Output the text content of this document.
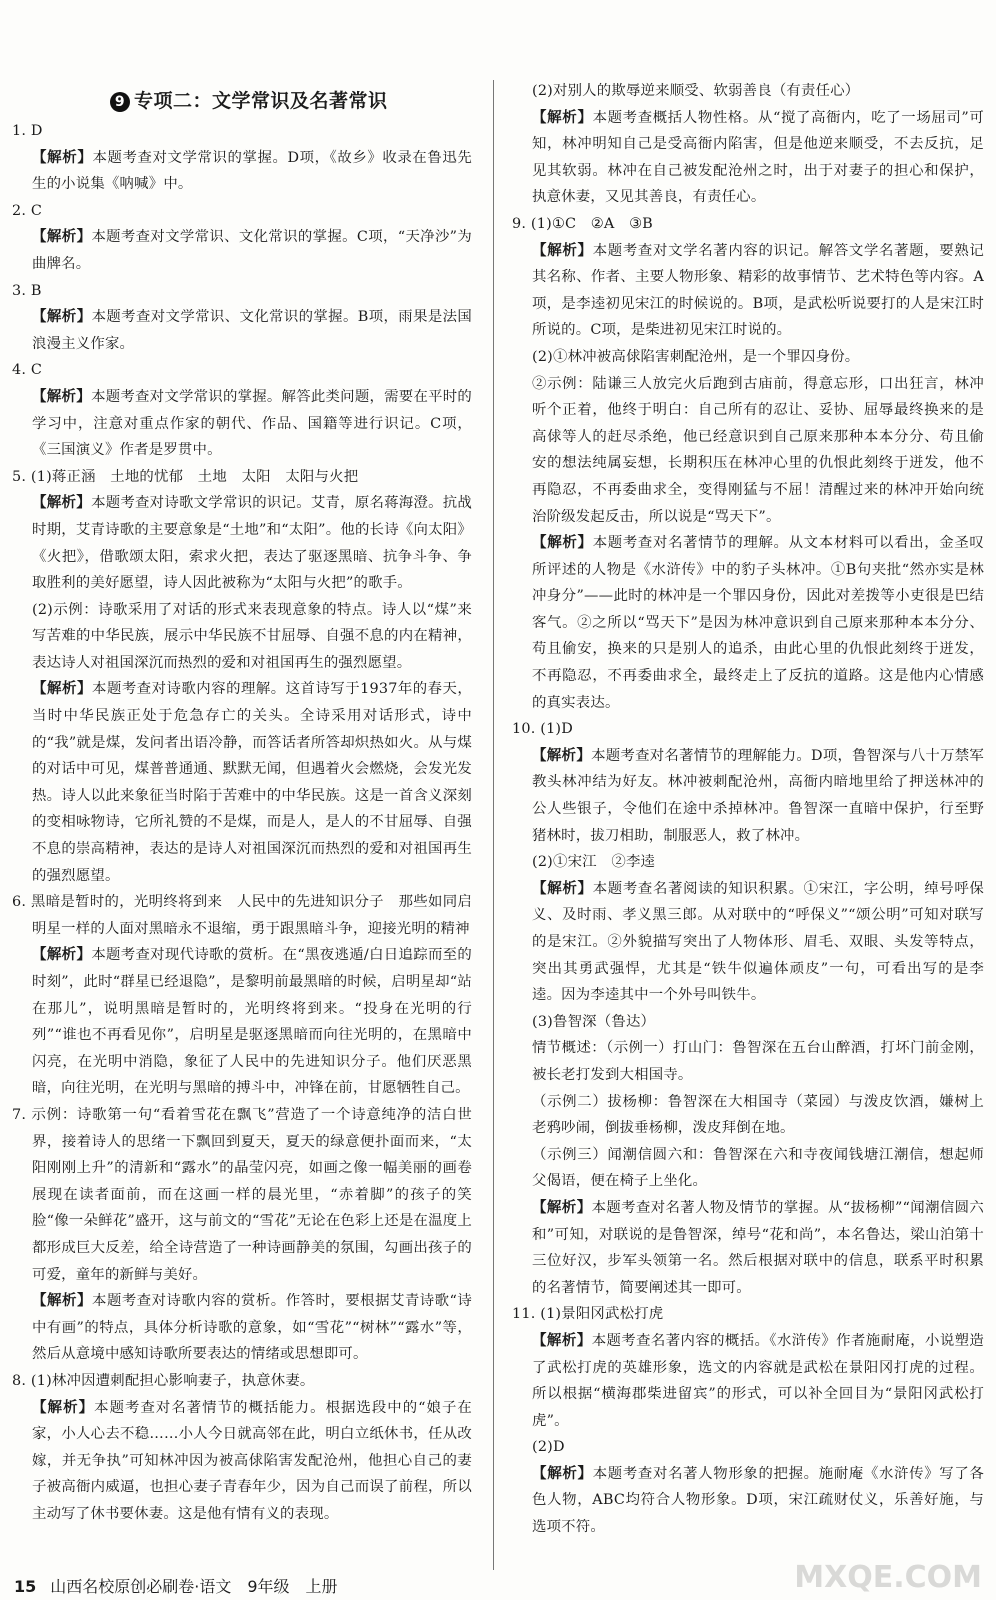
9 专项二：文学常识及名著常识

1. D

【 解析 】 本题考查对文学常识的掌握。D项，《故乡》收录在鲁迅先生的小说集《呐喊》中。

2. C

【 解析 】 本题考查对文学常识、文化常识的掌握。C项，“天净沙”为曲牌名。

3. B

【 解析 】 本题考查对文学常识、文化常识的掌握。B项，雨果是法国浪漫主义作家。

4. C

【 解析 】 本题考查对文学常识的掌握。解答此类问题，需要在平时的学习中，注意对重点作家的朝代、作品、国籍等进行识记。C项，《三国演义》作者是罗贯中。

5. (1)蒋正涵　土地的忧郁　土地　太阳　太阳与火把

【 解析 】 本题考查对诗歌文学常识的识记。艾青，原名蒋海澄。抗战时期，艾青诗歌的主要意象是“土地”和“太阳”。他的长诗《向太阳》《火把》，借歌颂太阳，索求火把，表达了驱逐黑暗、抗争斗争、争取胜利的美好愿望，诗人因此被称为“太阳与火把”的歌手。

(2)示例：诗歌采用了对话的形式来表现意象的特点。诗人以“煤”来写苦难的中华民族，展示中华民族不甘屈辱、自强不息的内在精神，表达诗人对祖国深沉而热烈的爱和对祖国再生的强烈愿望。

【 解析 】 本题考查对诗歌内容的理解。这首诗写于1937年的春天，当时中华民族正处于危急存亡的关头。全诗采用对话形式，诗中的“我”就是煤，发问者出语冷静，而答话者所答却炽热如火。从与煤的对话中可见，煤普普通通、默默无闻，但遇着火会燃烧，会发光发热。诗人以此来象征当时陷于苦难中的中华民族。这是一首含义深刻的变相咏物诗，它所礼赞的不是煤，而是人，是人的不甘屈辱、自强不息的崇高精神，表达的是诗人对祖国深沉而热烈的爱和对祖国再生的强烈愿望。

6. 黑暗是暂时的，光明终将到来　人民中的先进知识分子　那些如同启明星一样的人面对黑暗永不退缩，勇于跟黑暗斗争，迎接光明的精神

【 解析 】 本题考查对现代诗歌的赏析。在“黑夜逃遁/白日追踪而至的时刻”，此时“群星已经退隐”，是黎明前最黑暗的时候，启明星却“站在那儿”，说明黑暗是暂时的，光明终将到来。“投身在光明的行列”“谁也不再看见你”，启明星是驱逐黑暗而向往光明的，在黑暗中闪亮，在光明中消隐，象征了人民中的先进知识分子。他们厌恶黑暗，向往光明，在光明与黑暗的搏斗中，冲锋在前，甘愿牺牲自己。

7. 示例：诗歌第一句“看着雪花在飘飞”营造了一个诗意纯净的洁白世界，接着诗人的思绪一下飘回到夏天，夏天的绿意便扑面而来，“太阳刚刚上升”的清新和“露水”的晶莹闪亮，如画之像一幅美丽的画卷展现在读者面前，而在这画一样的晨光里，“赤着脚”的孩子的笑脸“像一朵鲜花”盛开，这与前文的“雪花”无论在色彩上还是在温度上都形成巨大反差，给全诗营造了一种诗画静美的氛围，勾画出孩子的可爱，童年的新鲜与美好。

【 解析 】 本题考查对诗歌内容的赏析。作答时，要根据艾青诗歌“诗中有画”的特点，具体分析诗歌的意象，如“雪花”“树林”“露水”等，然后从意境中感知诗歌所要表达的情绪或思想即可。

8. (1)林冲因遭刺配担心影响妻子，执意休妻。

【 解析 】 本题考查对名著情节的概括能力。根据选段中的“娘子在家，小人心去不稳……小人今日就高邻在此，明白立纸休书，任从改嫁，并无争执”可知林冲因为被高俅陷害发配沧州，他担心自己的妻子被高衙内威逼，也担心妻子青春年少，因为自己而误了前程，所以主动写了休书要休妻。这是他有情有义的表现。

(2)对别人的欺辱逆来顺受、软弱善良（有责任心）

【 解析 】 本题考查概括人物性格。从“搅了高衙内，吃了一场屈司”可知，林冲明知自己是受高衙内陷害，但是他逆来顺受，不去反抗，足见其软弱。林冲在自己被发配沧州之时，出于对妻子的担心和保护，执意休妻，又见其善良，有责任心。

9. (1)①C　②A　③B

【 解析 】 本题考查对文学名著内容的识记。解答文学名著题，要熟记其名称、作者、主要人物形象、精彩的故事情节、艺术特色等内容。A项，是李逵初见宋江的时候说的。B项，是武松听说要打的人是宋江时所说的。C项，是柴进初见宋江时说的。

(2)①林冲被高俅陷害刺配沧州，是一个罪囚身份。

②示例：陆谦三人放完火后跑到古庙前，得意忘形，口出狂言，林冲听个正着，他终于明白：自己所有的忍让、妥协、屈辱最终换来的是高俅等人的赶尽杀绝，他已经意识到自己原来那种本本分分、苟且偷安的想法纯属妄想，长期积压在林冲心里的仇恨此刻终于迸发，他不再隐忍，不再委曲求全，变得刚猛与不屈！清醒过来的林冲开始向统治阶级发起反击，所以说是“骂天下”。

【 解析 】 本题考查对名著情节的理解。从文本材料可以看出，金圣叹所评述的人物是《水浒传》中的豹子头林冲。①B句夹批“然亦实是林冲身分”——此时的林冲是一个罪囚身份，因此对差拨等小吏很是巴结客气。②之所以“骂天下”是因为林冲意识到自己原来那种本本分分、苟且偷安，换来的只是别人的追杀，由此心里的仇恨此刻终于迸发，不再隐忍，不再委曲求全，最终走上了反抗的道路。这是他内心情感的真实表达。

10. (1)D

【 解析 】 本题考查对名著情节的理解能力。D项，鲁智深与八十万禁军教头林冲结为好友。林冲被刺配沧州，高衙内暗地里给了押送林冲的公人些银子，令他们在途中杀掉林冲。鲁智深一直暗中保护，行至野猪林时，拔刀相助，制服恶人，救了林冲。

(2)①宋江　②李逵

【 解析 】 本题考查名著阅读的知识积累。①宋江，字公明，绰号呼保义、及时雨、孝义黑三郎。从对联中的“呼保义”“颂公明”可知对联写的是宋江。②外貌描写突出了人物体形、眉毛、双眼、头发等特点，突出其勇武强悍，尤其是“铁牛似遍体顽皮”一句，可看出写的是李逵。因为李逵其中一个外号叫铁牛。

(3)鲁智深（鲁达）

情节概述：（示例一）打山门：鲁智深在五台山醉酒，打坏门前金刚，被长老打发到大相国寺。

（示例二）拔杨柳：鲁智深在大相国寺（菜园）与泼皮饮酒，嫌树上老鸦吵闹，倒拔垂杨柳，泼皮拜倒在地。

（示例三）闻潮信圆六和：鲁智深在六和寺夜闻钱塘江潮信，想起师父偈语，便在椅子上坐化。

【 解析 】 本题考查对名著人物及情节的掌握。从“拔杨柳”“闻潮信圆六和”可知，对联说的是鲁智深，绰号“花和尚”，本名鲁达，梁山泊第十三位好汉，步军头领第一名。然后根据对联中的信息，联系平时积累的名著情节，简要阐述其一即可。

11. (1)景阳冈武松打虎

【 解析 】 本题考查名著内容的概括。《水浒传》作者施耐庵，小说塑造了武松打虎的英雄形象，选文的内容就是武松在景阳冈打虎的过程。所以根据“横海郡柴进留宾”的形式，可以补全回目为“景阳冈武松打虎”。

(2)D

【 解析 】 本题考查对名著人物形象的把握。施耐庵《水浒传》写了各色人物，ABC均符合人物形象。D项，宋江疏财仗义，乐善好施，与选项不符。

15 山西名校原创必刷卷·语文　9年级　上册	MXQE.COM
